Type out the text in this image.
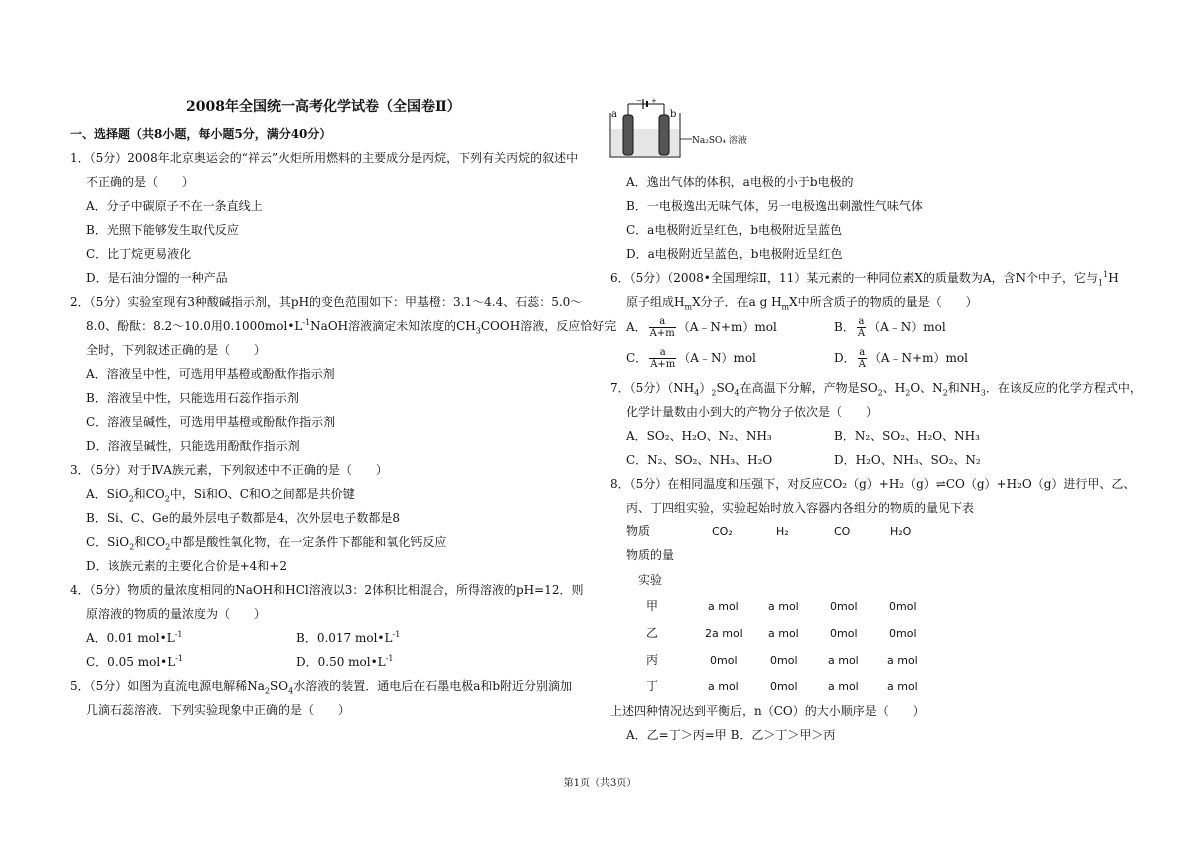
2008年全国统一高考化学试卷（全国卷Ⅱ）
一、选择题（共8小题，每小题5分，满分40分）
1．（5分）2008年北京奥运会的“祥云”火炬所用燃料的主要成分是丙烷，下列有关丙烷的叙述中
不正确的是（　　）
A．分子中碳原子不在一条直线上
B．光照下能够发生取代反应
C．比丁烷更易液化
D．是石油分馏的一种产品
2．（5分）实验室现有3种酸碱指示剂，其pH的变色范围如下：甲基橙：3.1～4.4、石蕊：5.0～
8.0、酚酞：8.2～10.0用$0.1000mol•L^{-1}NaOH$溶液滴定未知浓度的$CH_3COOH$溶液，反应恰好完
全时，下列叙述正确的是（　　）
A．溶液呈中性，可选用甲基橙或酚酞作指示剂
B．溶液呈中性，只能选用石蕊作指示剂
C．溶液呈碱性，可选用甲基橙或酚酞作指示剂
D．溶液呈碱性，只能选用酚酞作指示剂
3．（5分）对于ⅣA族元素，下列叙述中不正确的是（　　）
A．SiO$_2$和$CO_2$中，Si和O、C和O之间都是共价键
B．Si、C、Ge的最外层电子数都是4，次外层电子数都是8
C．SiO$_2$和$CO_2$中都是酸性氧化物，在一定条件下都能和氧化钙反应
D．该族元素的主要化合价是+4和+2
4．（5分）物质的量浓度相同的NaOH和HCl溶液以3：2体积比相混合，所得溶液的pH=12．则
原溶液的物质的量浓度为（　　）
A．0.01 $mol•L^{-1}$	B．0.017 $mol•L^{-1}$
C．0.05 $mol•L^{-1}$	D．0.50 $mol•L^{-1}$
5．（5分）如图为直流电源电解稀$Na_2SO_4$水溶液的装置．通电后在石墨电极a和b附近分别滴加
几滴石蕊溶液．下列实验现象中正确的是（　　）
− +
a	b
Na₂SO₄ 溶液
A．逸出气体的体积，a电极的小于b电极的
B．一电极逸出无味气体，另一电极逸出刺激性气味气体
C．a电极附近呈红色，b电极附近呈蓝色
D．a电极附近呈蓝色，b电极附近呈红色
6．（5分）（2008•全国理综Ⅱ，11）某元素的一种同位素X的质量数为A，含N个中子，它与$_1^1$H
原子组成$H_mX$分子．在a g $H_mX$中所含质子的物质的量是（　　）
A． $\frac{a}{A+m}$ （A﹣N+m）mol	B． $\frac{a}{A}$ （A﹣N）mol
C． $\frac{a}{A+m}$ （A﹣N）mol	D． $\frac{a}{A}$ （A﹣N+m）mol
7．（5分）$(NH_4)_2SO_4$在高温下分解，产物是$SO_2$、$H_2O$、$N_2$和$NH_3$．在该反应的化学方程式中，
化学计量数由小到大的产物分子依次是（　　）
A．SO₂、H₂O、N₂、NH₃	B．N₂、SO₂、H₂O、NH₃
C．N₂、SO₂、NH₃、H₂O	D．H₂O、NH₃、SO₂、N₂
8．（5分）在相同温度和压强下，对反应CO₂（g）+H₂（g）⇌CO（g）+H₂O（g）进行甲、乙、
丙、丁四组实验，实验起始时放入容器内各组分的物质的量见下表
物质	CO₂	H₂	CO	H₂O
物质的量
实验
甲	a mol	a mol	0mol	0mol
乙	2a mol a mol	0mol	0mol
丙	0mol	0mol	a mol	a mol
丁	a mol	0mol	a mol	a mol
上述四种情况达到平衡后，n（CO）的大小顺序是（　　）
A．乙=丁＞丙=甲 B．乙＞丁＞甲＞丙
第1页（共3页）
